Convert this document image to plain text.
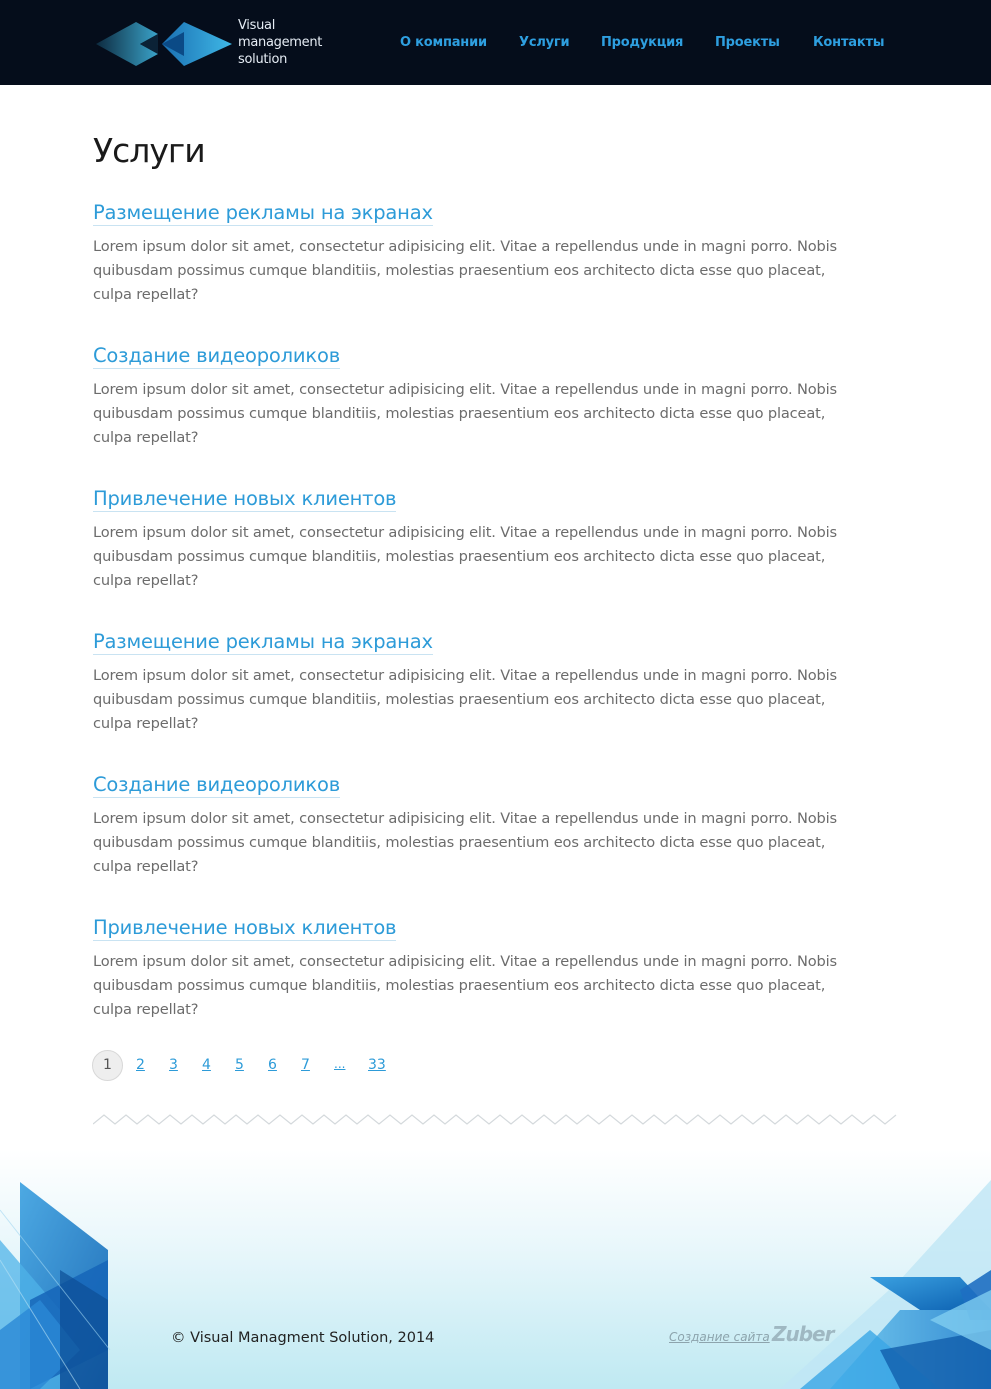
Visual
management
solution
О компании Услуги Продукция Проекты	Контакты
Услуги
Размещение рекламы на экранах

Lorem ipsum dolor sit amet, consectetur adipisicing elit. Vitae a repellendus unde in magni porro. Nobis quibusdam possimus cumque blanditiis, molestias praesentium eos architecto dicta esse quo placeat, culpa repellat?

Создание видеороликов

Lorem ipsum dolor sit amet, consectetur adipisicing elit. Vitae a repellendus unde in magni porro. Nobis quibusdam possimus cumque blanditiis, molestias praesentium eos architecto dicta esse quo placeat, culpa repellat?

Привлечение новых клиентов

Lorem ipsum dolor sit amet, consectetur adipisicing elit. Vitae a repellendus unde in magni porro. Nobis quibusdam possimus cumque blanditiis, molestias praesentium eos architecto dicta esse quo placeat, culpa repellat?

Размещение рекламы на экранах

Lorem ipsum dolor sit amet, consectetur adipisicing elit. Vitae a repellendus unde in magni porro. Nobis quibusdam possimus cumque blanditiis, molestias praesentium eos architecto dicta esse quo placeat, culpa repellat?

Создание видеороликов

Lorem ipsum dolor sit amet, consectetur adipisicing elit. Vitae a repellendus unde in magni porro. Nobis quibusdam possimus cumque blanditiis, molestias praesentium eos architecto dicta esse quo placeat, culpa repellat?

Привлечение новых клиентов

Lorem ipsum dolor sit amet, consectetur adipisicing elit. Vitae a repellendus unde in magni porro. Nobis quibusdam possimus cumque blanditiis, molestias praesentium eos architecto dicta esse quo placeat, culpa repellat?

1	2 3 4 5 6 7 ... 33
© Visual Managment Solution, 2014	Создание сайта Zuber
